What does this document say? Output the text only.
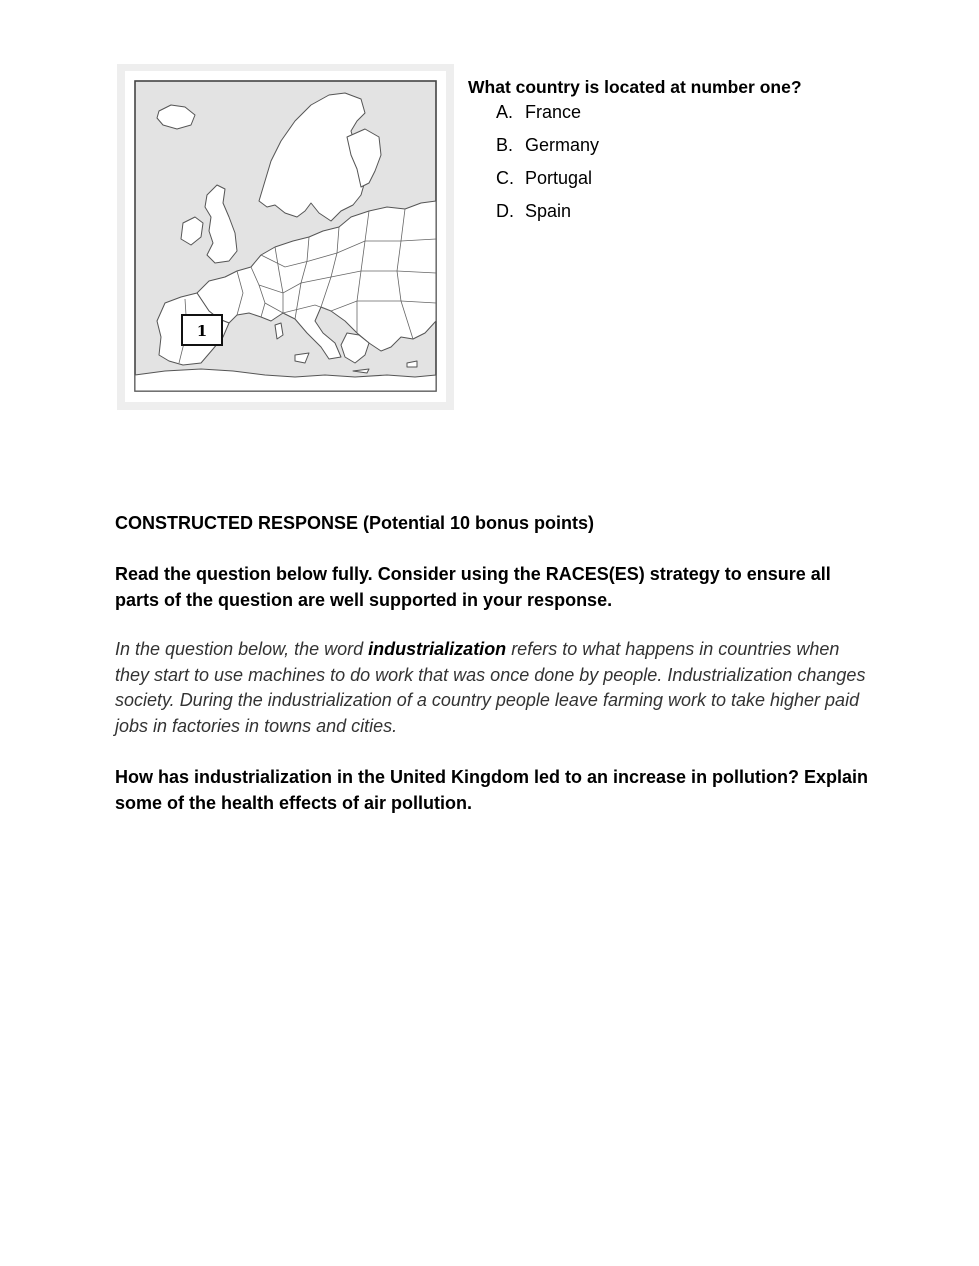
1

What country is located at number one?

A. France
B. Germany
C. Portugal
D. Spain

CONSTRUCTED RESPONSE (Potential 10 bonus points)

Read the question below fully. Consider using the RACES(ES) strategy to ensure all parts of the question are well supported in your response.

In the question below, the word industrialization refers to what happens in countries when they start to use machines to do work that was once done by people. Industrialization changes society. During the industrialization of a country people leave farming work to take higher paid jobs in factories in towns and cities.

How has industrialization in the United Kingdom led to an increase in pollution? Explain some of the health effects of air pollution.
